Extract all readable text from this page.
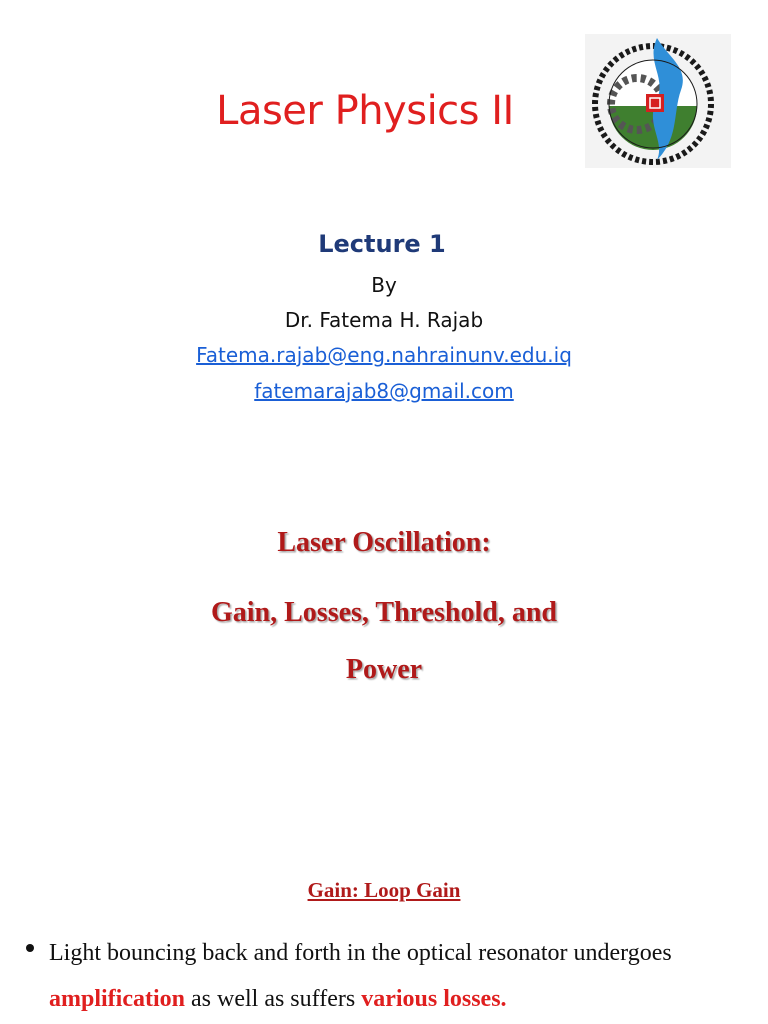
Laser Physics II
Lecture 1
By
Dr. Fatema H. Rajab
Fatema.rajab@eng.nahrainunv.edu.iq
fatemarajab8@gmail.com
Laser Oscillation:
Gain, Losses, Threshold, and
Power
Gain: Loop Gain
Light bouncing back and forth in the optical resonator undergoes
amplification as well as suffers various losses.
